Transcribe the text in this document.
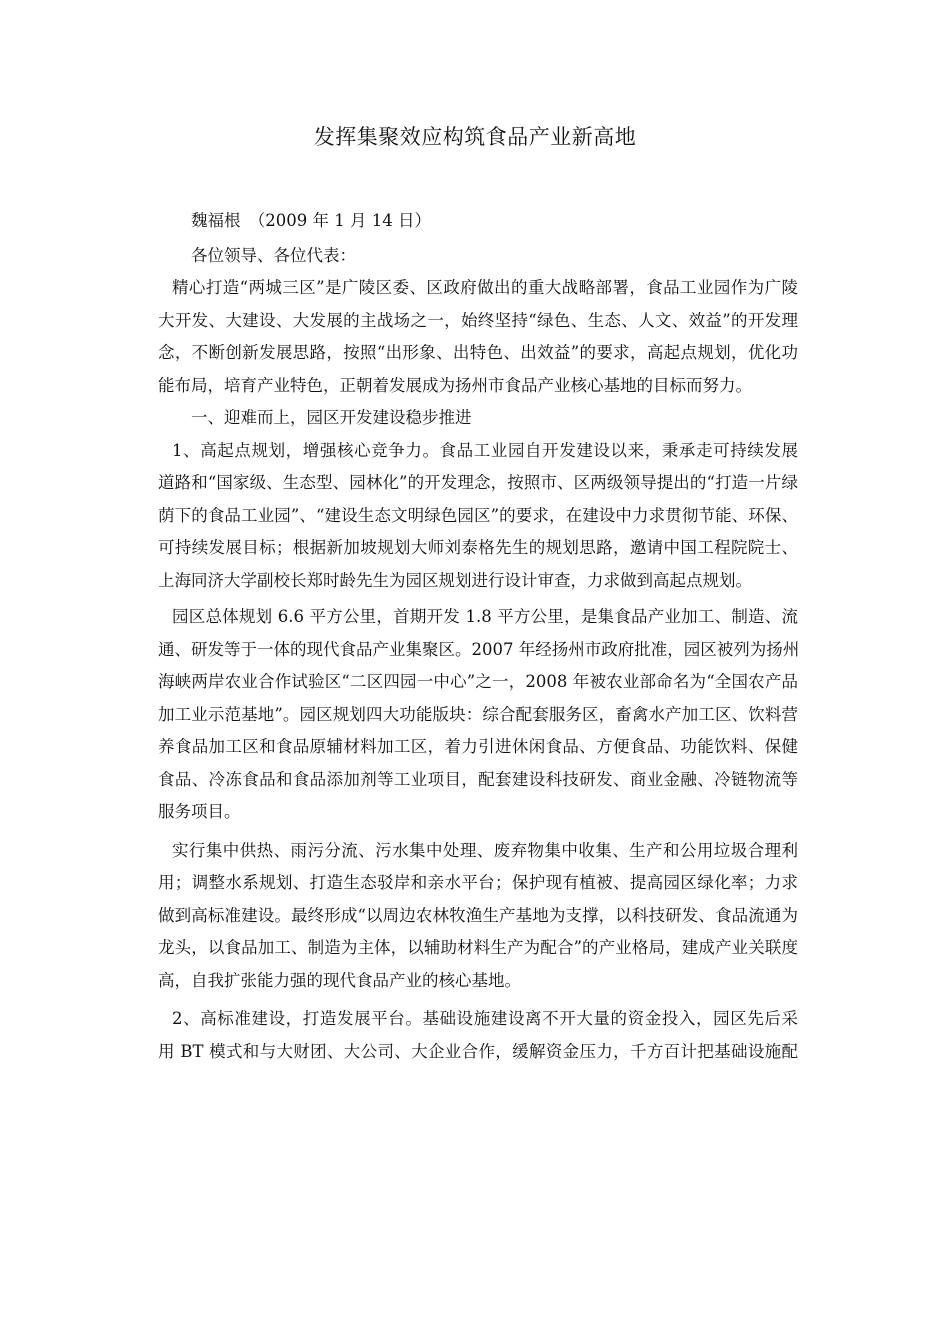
发挥集聚效应构筑食品产业新高地
魏福根　（2009 年 1 月 14 日）
各位领导、各位代表：
精心打造“两城三区”是广陵区委、区政府做出的重大战略部署，食品工业园作为广陵
大开发、大建设、大发展的主战场之一，始终坚持“绿色、生态、人文、效益”的开发理
念，不断创新发展思路，按照“出形象、出特色、出效益”的要求，高起点规划，优化功
能布局，培育产业特色，正朝着发展成为扬州市食品产业核心基地的目标而努力。
一、迎难而上，园区开发建设稳步推进
1、高起点规划，增强核心竞争力。食品工业园自开发建设以来，秉承走可持续发展
道路和“国家级、生态型、园林化”的开发理念，按照市、区两级领导提出的“打造一片绿
荫下的食品工业园”、“建设生态文明绿色园区”的要求，在建设中力求贯彻节能、环保、
可持续发展目标；根据新加坡规划大师刘泰格先生的规划思路，邀请中国工程院院士、
上海同济大学副校长郑时龄先生为园区规划进行设计审查，力求做到高起点规划。
园区总体规划 6.6 平方公里，首期开发 1.8 平方公里，是集食品产业加工、制造、流
通、研发等于一体的现代食品产业集聚区。2007 年经扬州市政府批准，园区被列为扬州
海峡两岸农业合作试验区“二区四园一中心”之一，2008 年被农业部命名为“全国农产品
加工业示范基地”。园区规划四大功能版块：综合配套服务区，畜禽水产加工区、饮料营
养食品加工区和食品原辅材料加工区，着力引进休闲食品、方便食品、功能饮料、保健
食品、冷冻食品和食品添加剂等工业项目，配套建设科技研发、商业金融、冷链物流等
服务项目。
实行集中供热、雨污分流、污水集中处理、废弃物集中收集、生产和公用垃圾合理利
用；调整水系规划、打造生态驳岸和亲水平台；保护现有植被、提高园区绿化率；力求
做到高标准建设。最终形成“以周边农林牧渔生产基地为支撑，以科技研发、食品流通为
龙头，以食品加工、制造为主体，以辅助材料生产为配合”的产业格局，建成产业关联度
高，自我扩张能力强的现代食品产业的核心基地。
2、高标准建设，打造发展平台。基础设施建设离不开大量的资金投入，园区先后采
用 BT 模式和与大财团、大公司、大企业合作，缓解资金压力，千方百计把基础设施配
